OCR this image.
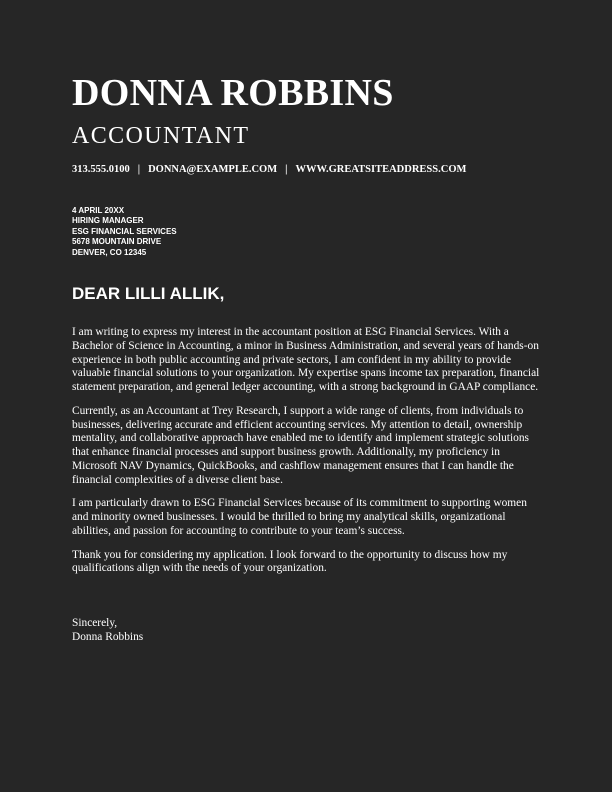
DONNA ROBBINS
ACCOUNTANT
313.555.0100 | DONNA@EXAMPLE.COM | WWW.GREATSITEADDRESS.COM
4 APRIL 20XX
HIRING MANAGER
ESG FINANCIAL SERVICES
5678 MOUNTAIN DRIVE
DENVER, CO 12345
DEAR LILLI ALLIK,

I am writing to express my interest in the accountant position at ESG Financial Services. With a Bachelor of Science in Accounting, a minor in Business Administration, and several years of hands-on experience in both public accounting and private sectors, I am confident in my ability to provide valuable financial solutions to your organization. My expertise spans income tax preparation, financial statement preparation, and general ledger accounting, with a strong background in GAAP compliance.

Currently, as an Accountant at Trey Research, I support a wide range of clients, from individuals to businesses, delivering accurate and efficient accounting services. My attention to detail, ownership mentality, and collaborative approach have enabled me to identify and implement strategic solutions that enhance financial processes and support business growth. Additionally, my proficiency in Microsoft NAV Dynamics, QuickBooks, and cashflow management ensures that I can handle the financial complexities of a diverse client base.

I am particularly drawn to ESG Financial Services because of its commitment to supporting women and minority owned businesses. I would be thrilled to bring my analytical skills, organizational abilities, and passion for accounting to contribute to your team’s success.

Thank you for considering my application. I look forward to the opportunity to discuss how my qualifications align with the needs of your organization.

Sincerely,
Donna Robbins
